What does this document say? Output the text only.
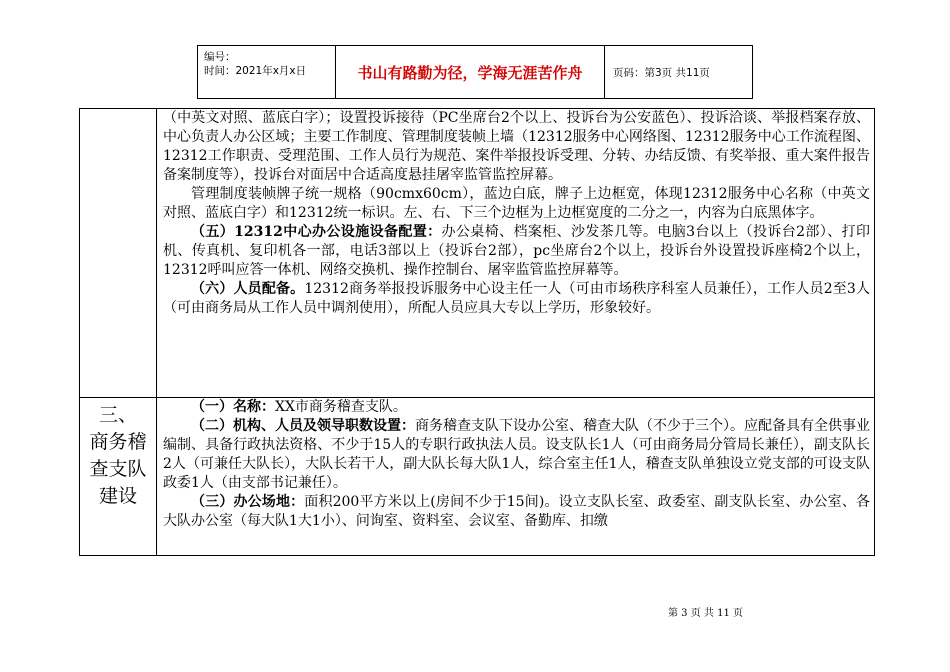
编号：
时间：2021年x月x日	书山有路勤为径，学海无涯苦作舟	页码：第3页 共11页

（中英文对照、蓝底白字）；设置投诉接待（PC坐席台2个以上、投诉台为公安蓝色）、投诉洽谈、举报档案存放、中心负责人办公区域；主要工作制度、管理制度装帧上墙（12312服务中心网络图、12312服务中心工作流程图、12312工作职责、受理范围、工作人员行为规范、案件举报投诉受理、分转、办结反馈、有奖举报、重大案件报告备案制度等），投诉台对面居中合适高度悬挂屠宰监管监控屏幕。

管理制度装帧牌子统一规格（90cmx60cm），蓝边白底，牌子上边框宽，体现12312服务中心名称（中英文对照、蓝底白字）和12312统一标识。左、右、下三个边框为上边框宽度的二分之一，内容为白底黑体字。

（五）12312中心办公设施设备配置：办公桌椅、档案柜、沙发茶几等。电脑3台以上（投诉台2部）、打印机、传真机、复印机各一部，电话3部以上（投诉台2部），pc坐席台2个以上，投诉台外设置投诉座椅2个以上，12312呼叫应答一体机、网络交换机、操作控制台、屠宰监管监控屏幕等。

（六）人员配备。12312商务举报投诉服务中心设主任一人（可由市场秩序科室人员兼任），工作人员2至3人（可由商务局从工作人员中调剂使用），所配人员应具大专以上学历，形象较好。

三、
商务稽
查支队
建设

（一）名称：XX市商务稽查支队。

（二）机构、人员及领导职数设置：商务稽查支队下设办公室、稽查大队（不少于三个）。应配备具有全供事业编制、具备行政执法资格、不少于15人的专职行政执法人员。设支队长1人（可由商务局分管局长兼任），副支队长2人（可兼任大队长），大队长若干人，副大队长每大队1人，综合室主任1人，稽查支队单独设立党支部的可设支队政委1人（由支部书记兼任）。

（三）办公场地：面积200平方米以上(房间不少于15间)。设立支队长室、政委室、副支队长室、办公室、各大队办公室（每大队1大1小）、问询室、资料室、会议室、备勤库、扣缴

第 3 页 共 11 页
